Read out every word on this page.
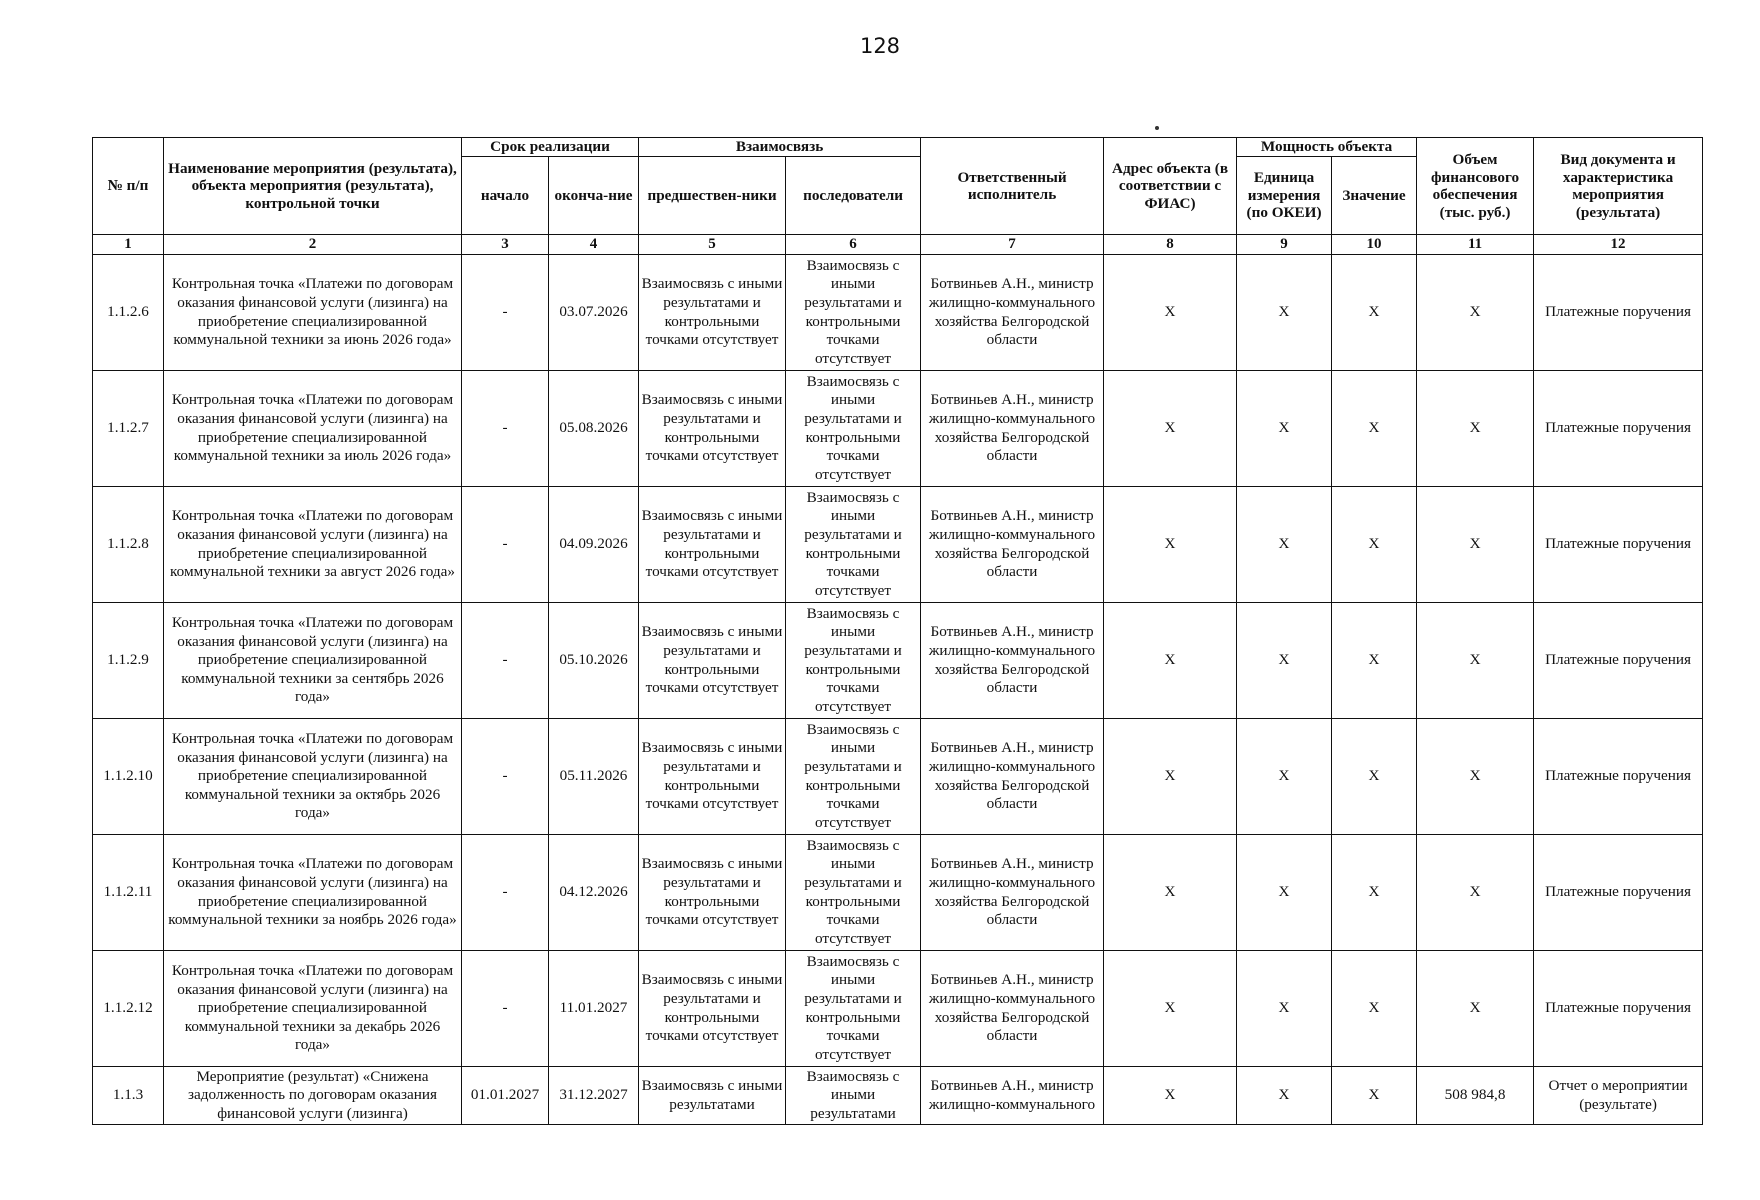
128
№ п/п	Наименование мероприятия (результата), объекта мероприятия (результата), контрольной точки	Срок реализации		Взаимосвязь		Ответственный исполнитель	Адрес объекта (в соответствии с ФИАС)	Мощность объекта		Объем финансового обеспечения (тыс. руб.)	Вид документа и характеристика мероприятия (результата)
		начало	оконча-ние	предшествен-ники	последователи			Единица измерения (по ОКЕИ)	Значение		
1	2	3	4	5	6	7	8	9	10	11	12
1.1.2.6	Контрольная точка «Платежи по договорам оказания финансовой услуги (лизинга) на приобретение специализированной коммунальной техники за июнь 2026 года»	-	03.07.2026	Взаимосвязь с иными результатами и контрольными точками отсутствует	Взаимосвязь с иными результатами и контрольными точками отсутствует	Ботвиньев А.Н., министр жилищно-коммунального хозяйства Белгородской области	X	X	X	X	Платежные поручения
1.1.2.7	Контрольная точка «Платежи по договорам оказания финансовой услуги (лизинга) на приобретение специализированной коммунальной техники за июль 2026 года»	-	05.08.2026	Взаимосвязь с иными результатами и контрольными точками отсутствует	Взаимосвязь с иными результатами и контрольными точками отсутствует	Ботвиньев А.Н., министр жилищно-коммунального хозяйства Белгородской области	X	X	X	X	Платежные поручения
1.1.2.8	Контрольная точка «Платежи по договорам оказания финансовой услуги (лизинга) на приобретение специализированной коммунальной техники за август 2026 года»	-	04.09.2026	Взаимосвязь с иными результатами и контрольными точками отсутствует	Взаимосвязь с иными результатами и контрольными точками отсутствует	Ботвиньев А.Н., министр жилищно-коммунального хозяйства Белгородской области	X	X	X	X	Платежные поручения
1.1.2.9	Контрольная точка «Платежи по договорам оказания финансовой услуги (лизинга) на приобретение специализированной коммунальной техники за сентябрь 2026 года»	-	05.10.2026	Взаимосвязь с иными результатами и контрольными точками отсутствует	Взаимосвязь с иными результатами и контрольными точками отсутствует	Ботвиньев А.Н., министр жилищно-коммунального хозяйства Белгородской области	X	X	X	X	Платежные поручения
1.1.2.10	Контрольная точка «Платежи по договорам оказания финансовой услуги (лизинга) на приобретение специализированной коммунальной техники за октябрь 2026 года»	-	05.11.2026	Взаимосвязь с иными результатами и контрольными точками отсутствует	Взаимосвязь с иными результатами и контрольными точками отсутствует	Ботвиньев А.Н., министр жилищно-коммунального хозяйства Белгородской области	X	X	X	X	Платежные поручения
1.1.2.11	Контрольная точка «Платежи по договорам оказания финансовой услуги (лизинга) на приобретение специализированной коммунальной техники за ноябрь 2026 года»	-	04.12.2026	Взаимосвязь с иными результатами и контрольными точками отсутствует	Взаимосвязь с иными результатами и контрольными точками отсутствует	Ботвиньев А.Н., министр жилищно-коммунального хозяйства Белгородской области	X	X	X	X	Платежные поручения
1.1.2.12	Контрольная точка «Платежи по договорам оказания финансовой услуги (лизинга) на приобретение специализированной коммунальной техники за декабрь 2026 года»	-	11.01.2027	Взаимосвязь с иными результатами и контрольными точками отсутствует	Взаимосвязь с иными результатами и контрольными точками отсутствует	Ботвиньев А.Н., министр жилищно-коммунального хозяйства Белгородской области	X	X	X	X	Платежные поручения
1.1.3	Мероприятие (результат) «Снижена задолженность по договорам оказания финансовой услуги (лизинга)	01.01.2027	31.12.2027	Взаимосвязь с иными результатами	Взаимосвязь с иными результатами	Ботвиньев А.Н., министр жилищно-коммунального	X	X	X	508 984,8	Отчет о мероприятии (результате)
